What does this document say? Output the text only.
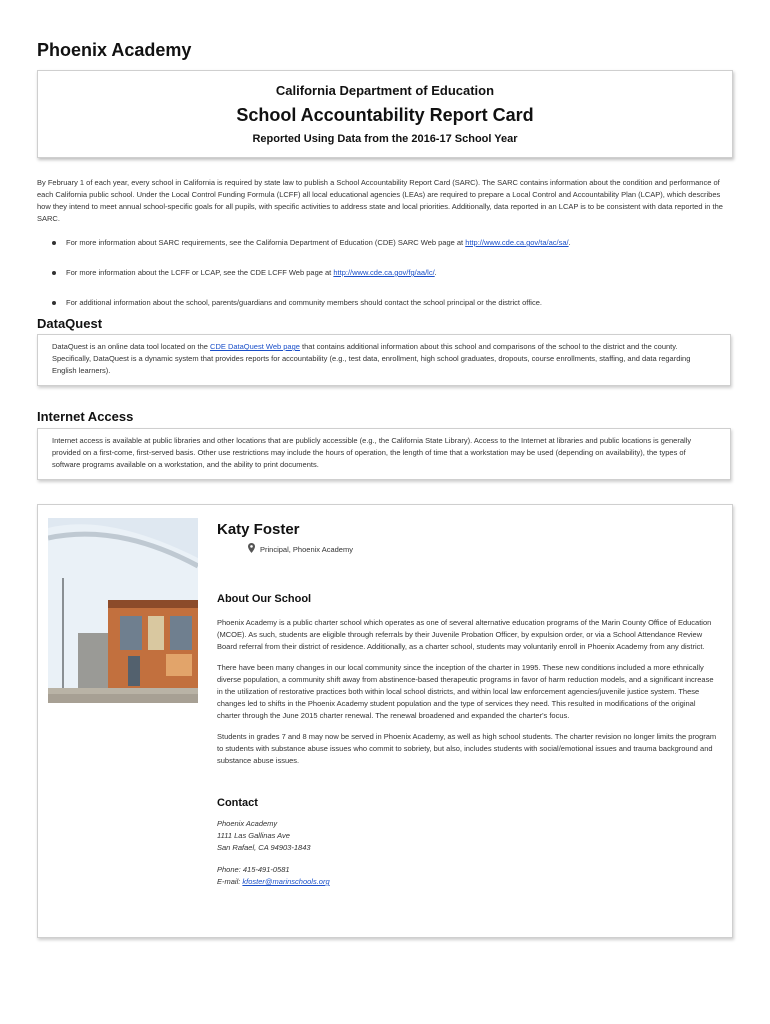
Phoenix Academy
California Department of Education
School Accountability Report Card
Reported Using Data from the 2016-17 School Year

By February 1 of each year, every school in California is required by state law to publish a School Accountability Report Card (SARC). The SARC contains information about the condition and performance of each California public school. Under the Local Control Funding Formula (LCFF) all local educational agencies (LEAs) are required to prepare a Local Control and Accountability Plan (LCAP), which describes how they intend to meet annual school-specific goals for all pupils, with specific activities to address state and local priorities. Additionally, data reported in an LCAP is to be consistent with data reported in the SARC.

For more information about SARC requirements, see the California Department of Education (CDE) SARC Web page at http://www.cde.ca.gov/ta/ac/sa/.
For more information about the LCFF or LCAP, see the CDE LCFF Web page at http://www.cde.ca.gov/fg/aa/lc/.
For additional information about the school, parents/guardians and community members should contact the school principal or the district office.
DataQuest
DataQuest is an online data tool located on the CDE DataQuest Web page that contains additional information about this school and comparisons of the school to the district and the county. Specifically, DataQuest is a dynamic system that provides reports for accountability (e.g., test data, enrollment, high school graduates, dropouts, course enrollments, staffing, and data regarding English learners).
Internet Access
Internet access is available at public libraries and other locations that are publicly accessible (e.g., the California State Library). Access to the Internet at libraries and public locations is generally provided on a first-come, first-served basis. Other use restrictions may include the hours of operation, the length of time that a workstation may be used (depending on availability), the types of software programs available on a workstation, and the ability to print documents.
Katy Foster
Principal, Phoenix Academy
About Our School

Phoenix Academy is a public charter school which operates as one of several alternative education programs of the Marin County Office of Education (MCOE). As such, students are eligible through referrals by their Juvenile Probation Officer, by expulsion order, or via a School Attendance Review Board referral from their district of residence. Additionally, as a charter school, students may voluntarily enroll in Phoenix Academy from any district.

There have been many changes in our local community since the inception of the charter in 1995. These new conditions included a more ethnically diverse population, a community shift away from abstinence-based therapeutic programs in favor of harm reduction models, and a significant increase in the utilization of restorative practices both within local school districts, and within local law enforcement agencies/juvenile justice system. These changes led to shifts in the Phoenix Academy student population and the type of services they need. This resulted in modifications of the original charter through the June 2015 charter renewal. The renewal broadened and expanded the charter's focus.

Students in grades 7 and 8 may now be served in Phoenix Academy, as well as high school students. The charter revision no longer limits the program to students with substance abuse issues who commit to sobriety, but also, includes students with social/emotional issues and trauma background and substance abuse issues.

Contact
Phoenix Academy
1111 Las Gallinas Ave
San Rafael, CA 94903-1843
Phone: 415-491-0581
E-mail: kfoster@marinschools.org
